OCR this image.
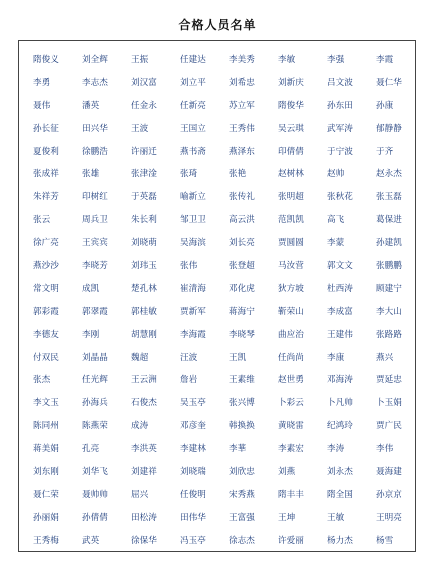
合格人员名单
隋俊义	刘全辉	王振	任建达	李美秀	李敏	李强	李霞
李勇	李志杰	刘汉富	刘立平	刘希忠	刘新庆	吕文波	聂仁华
聂伟	潘英	任金永	任新亮	苏立军	隋俊华	孙东田	孙康
孙长征	田兴华	王波	王国立	王秀伟	吴云琪	武军涛	郁静静
夏俊利	徐鹏浩	许丽迁	燕书斋	燕泽东	印倩倩	于宁波	于齐
张成祥	张雄	张津淦	张琦	张艳	赵树林	赵帅	赵永杰
朱祥芳	印树红	于英磊	喻新立	张传礼	张明超	张秋花	张玉磊
张云	周兵卫	朱长利	邹卫卫	高云洪	范凯凯	高飞	葛保进
徐广亮	王宾宾	刘晓萌	吴海滨	刘长亮	贾圆圆	李蒙	孙建凯
燕沙沙	李晓芳	刘玮玉	张伟	张登超	马汝营	郭文文	张鹏鹏
常文明	成凯	楚孔林	崔清海	邓化虎	狄方坡	杜西涛	顾建宁
郭彩霞	郭翠霞	郭桂敏	贾新军	蒋海宁	靳荣山	李成富	李大山
李德友	李刚	胡慧刚	李海霞	李晓琴	曲应治	王建伟	张路路
付双民	刘晶晶	魏超	汪波	王凯	任尚尚	李康	燕兴
张杰	任光辉	王云洲	詹岩	王素维	赵世勇	邓海涛	贾延忠
李文玉	孙海兵	石俊杰	吴玉亭	张兴博	卜彩云	卜凡帅	卜玉娟
陈同州	陈燕荣	成涛	邓彦奎	韩换换	黄晓雷	纪鸿玲	贾广民
蒋美娟	孔亮	李洪英	李建林	李華	李素宏	李涛	李伟
刘东刚	刘华飞	刘建祥	刘晓瑞	刘欣忠	刘燕	刘永杰	聂海建
聂仁荣	聂帅帅	屈兴	任俊明	宋秀燕	隋丰丰	隋全国	孙京京
孙丽娟	孙倩倩	田松涛	田伟华	王富强	王坤	王敏	王明亮
王秀梅	武英	徐保华	冯玉亭	徐志杰	许爱丽	杨力杰	杨雪
